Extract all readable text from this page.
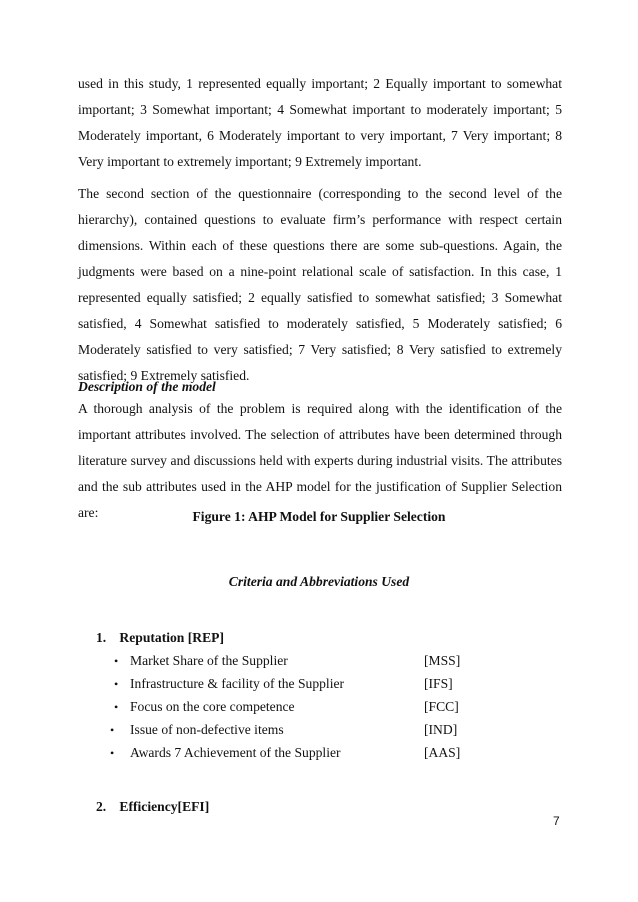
used in this study, 1 represented equally important; 2 Equally important to somewhat important; 3 Somewhat important; 4 Somewhat important to moderately important; 5 Moderately important, 6 Moderately important to very important, 7 Very important; 8 Very important to extremely important; 9 Extremely important.

The second section of the questionnaire (corresponding to the second level of the hierarchy), contained questions to evaluate firm’s performance with respect certain dimensions. Within each of these questions there are some sub-questions. Again, the judgments were based on a nine-point relational scale of satisfaction. In this case, 1 represented equally satisfied; 2 equally satisfied to somewhat satisfied; 3 Somewhat satisfied, 4 Somewhat satisfied to moderately satisfied, 5 Moderately satisfied; 6 Moderately satisfied to very satisfied; 7 Very satisfied; 8 Very satisfied to extremely satisfied; 9 Extremely satisfied.

Description of the model

A thorough analysis of the problem is required along with the identification of the important attributes involved. The selection of attributes have been determined through literature survey and discussions held with experts during industrial visits. The attributes and the sub attributes used in the AHP model for the justification of Supplier Selection are:	Figure 1: AHP Model for Supplier Selection

Criteria and Abbreviations Used

1. Reputation [REP]

• Market Share of the Supplier	[MSS]
• Infrastructure & facility of the Supplier	[IFS]
• Focus on the core competence	[FCC]
• Issue of non-defective items	[IND]
• Awards 7 Achievement of the Supplier	[AAS]

2. Efficiency[EFI]

7
